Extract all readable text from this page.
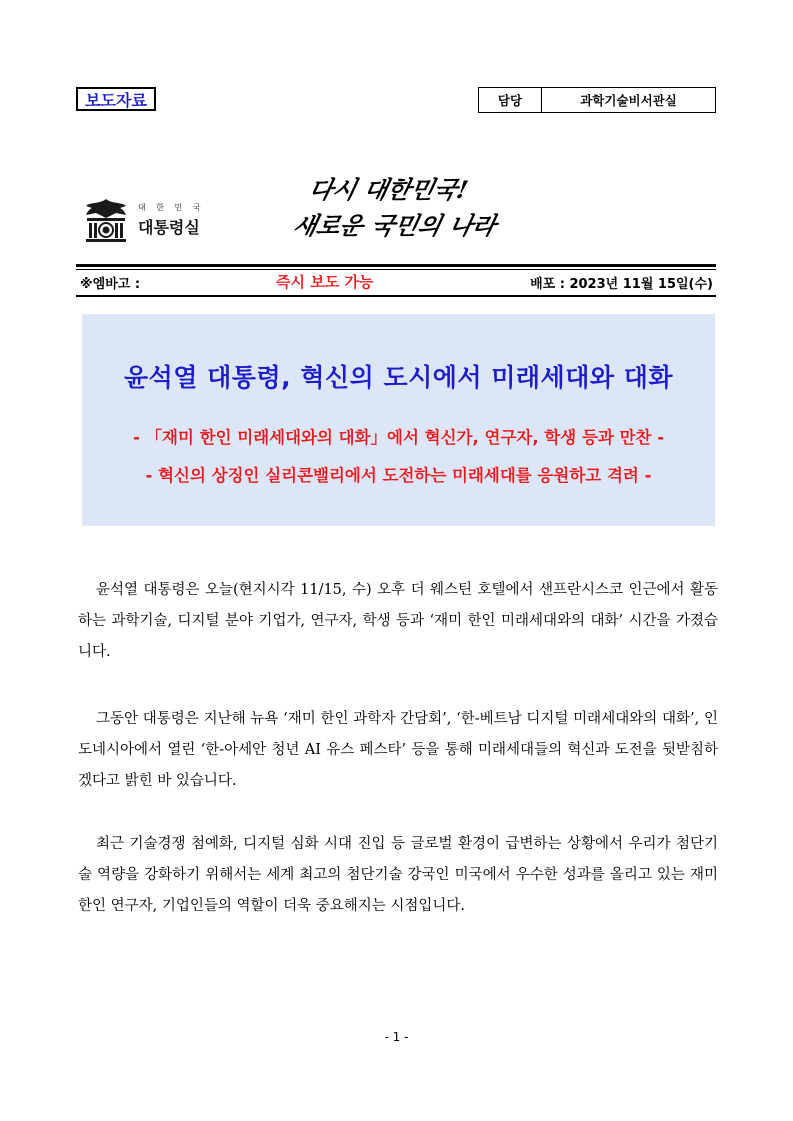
보도자료	담당	과학기술비서관실
대 한 민 국
대통령실
다시 대한민국!
새로운 국민의 나라
※엠바고 :	즉시 보도 가능	배포 : 2023년 11월 15일(수)
윤석열 대통령, 혁신의 도시에서 미래세대와 대화
- 「재미 한인 미래세대와의 대화」에서 혁신가, 연구자, 학생 등과 만찬 -
- 혁신의 상징인 실리콘밸리에서 도전하는 미래세대를 응원하고 격려 -

윤석열 대통령은 오늘(현지시각 11/15, 수) 오후 더 웨스틴 호텔에서 샌프란시스코 인근에서 활동하는 과학기술, 디지털 분야 기업가, 연구자, 학생 등과 ‘재미 한인 미래세대와의 대화’ 시간을 가졌습니다.

그동안 대통령은 지난해 뉴욕 ‘재미 한인 과학자 간담회’, ‘한-베트남 디지털 미래세대와의 대화’, 인도네시아에서 열린 ‘한-아세안 청년 AI 유스 페스타’ 등을 통해 미래세대들의 혁신과 도전을 뒷받침하겠다고 밝힌 바 있습니다.

최근 기술경쟁 첨예화, 디지털 심화 시대 진입 등 글로벌 환경이 급변하는 상황에서 우리가 첨단기술 역량을 강화하기 위해서는 세계 최고의 첨단기술 강국인 미국에서 우수한 성과를 올리고 있는 재미 한인 연구자, 기업인들의 역할이 더욱 중요해지는 시점입니다.

- 1 -
